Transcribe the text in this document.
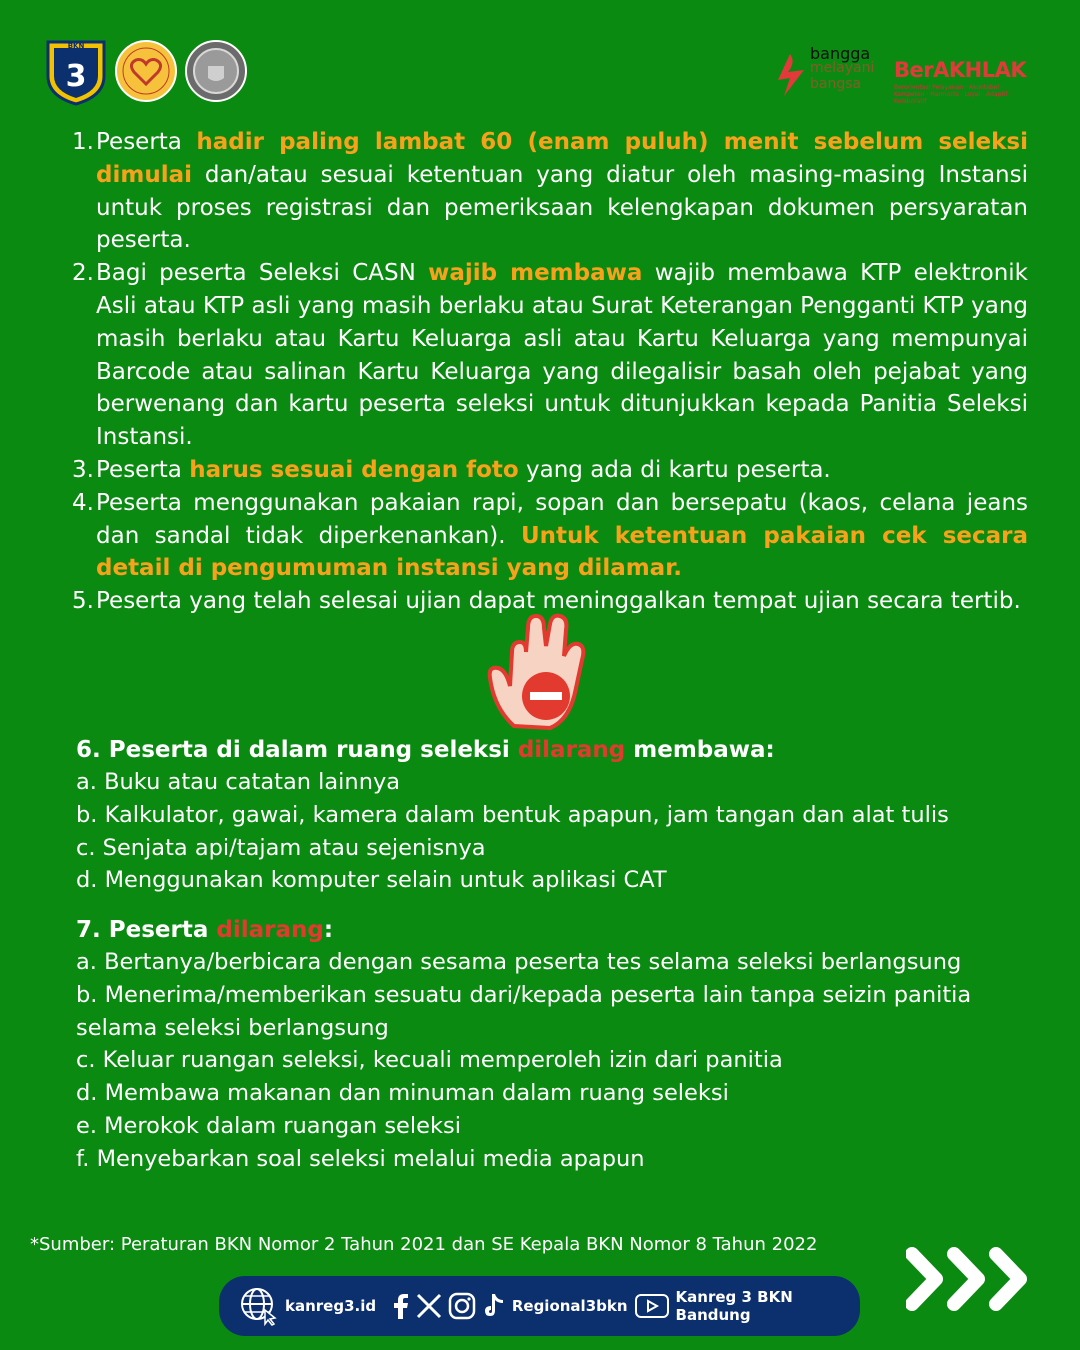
BKN
3
bangga
melayani
bangsa
BerAKHLAK
Berorientasi Pelayanan · Akuntabel · Kompeten · Harmonis · Loyal · Adaptif · Kolaboratif
1. Peserta hadir paling lambat 60 (enam puluh) menit sebelum seleksi dimulai dan/atau sesuai ketentuan yang diatur oleh masing-masing Instansi untuk proses registrasi dan pemeriksaan kelengkapan dokumen persyaratan peserta.
2. Bagi peserta Seleksi CASN wajib membawa wajib membawa KTP elektronik Asli atau KTP asli yang masih berlaku atau Surat Keterangan Pengganti KTP yang masih berlaku atau Kartu Keluarga asli atau Kartu Keluarga yang mempunyai Barcode atau salinan Kartu Keluarga yang dilegalisir basah oleh pejabat yang berwenang dan kartu peserta seleksi untuk ditunjukkan kepada Panitia Seleksi Instansi.
3. Peserta harus sesuai dengan foto yang ada di kartu peserta.
4. Peserta menggunakan pakaian rapi, sopan dan bersepatu (kaos, celana jeans dan sandal tidak diperkenankan). Untuk ketentuan pakaian cek secara detail di pengumuman instansi yang dilamar.
5. Peserta yang telah selesai ujian dapat meninggalkan tempat ujian secara tertib.
6. Peserta di dalam ruang seleksi dilarang membawa:
a. Buku atau catatan lainnya
b. Kalkulator, gawai, kamera dalam bentuk apapun, jam tangan dan alat tulis
c. Senjata api/tajam atau sejenisnya
d. Menggunakan komputer selain untuk aplikasi CAT
7. Peserta dilarang:
a. Bertanya/berbicara dengan sesama peserta tes selama seleksi berlangsung
b. Menerima/memberikan sesuatu dari/kepada peserta lain tanpa seizin panitia selama seleksi berlangsung
c. Keluar ruangan seleksi, kecuali memperoleh izin dari panitia
d. Membawa makanan dan minuman dalam ruang seleksi
e. Merokok dalam ruangan seleksi
f. Menyebarkan soal seleksi melalui media apapun
*Sumber: Peraturan BKN Nomor 2 Tahun 2021 dan SE Kepala BKN Nomor 8 Tahun 2022
kanreg3.id	Regional3bkn	Kanreg 3 BKN Bandung
